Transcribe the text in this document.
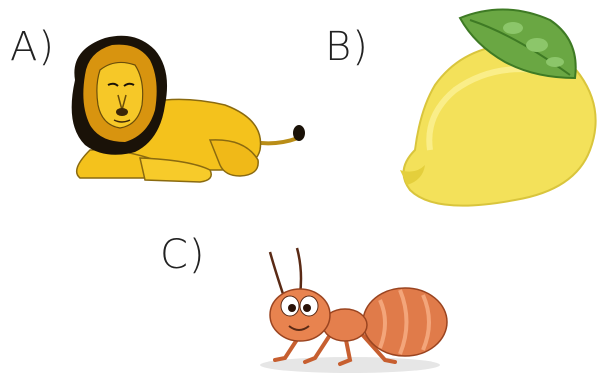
A)	B)
C)
